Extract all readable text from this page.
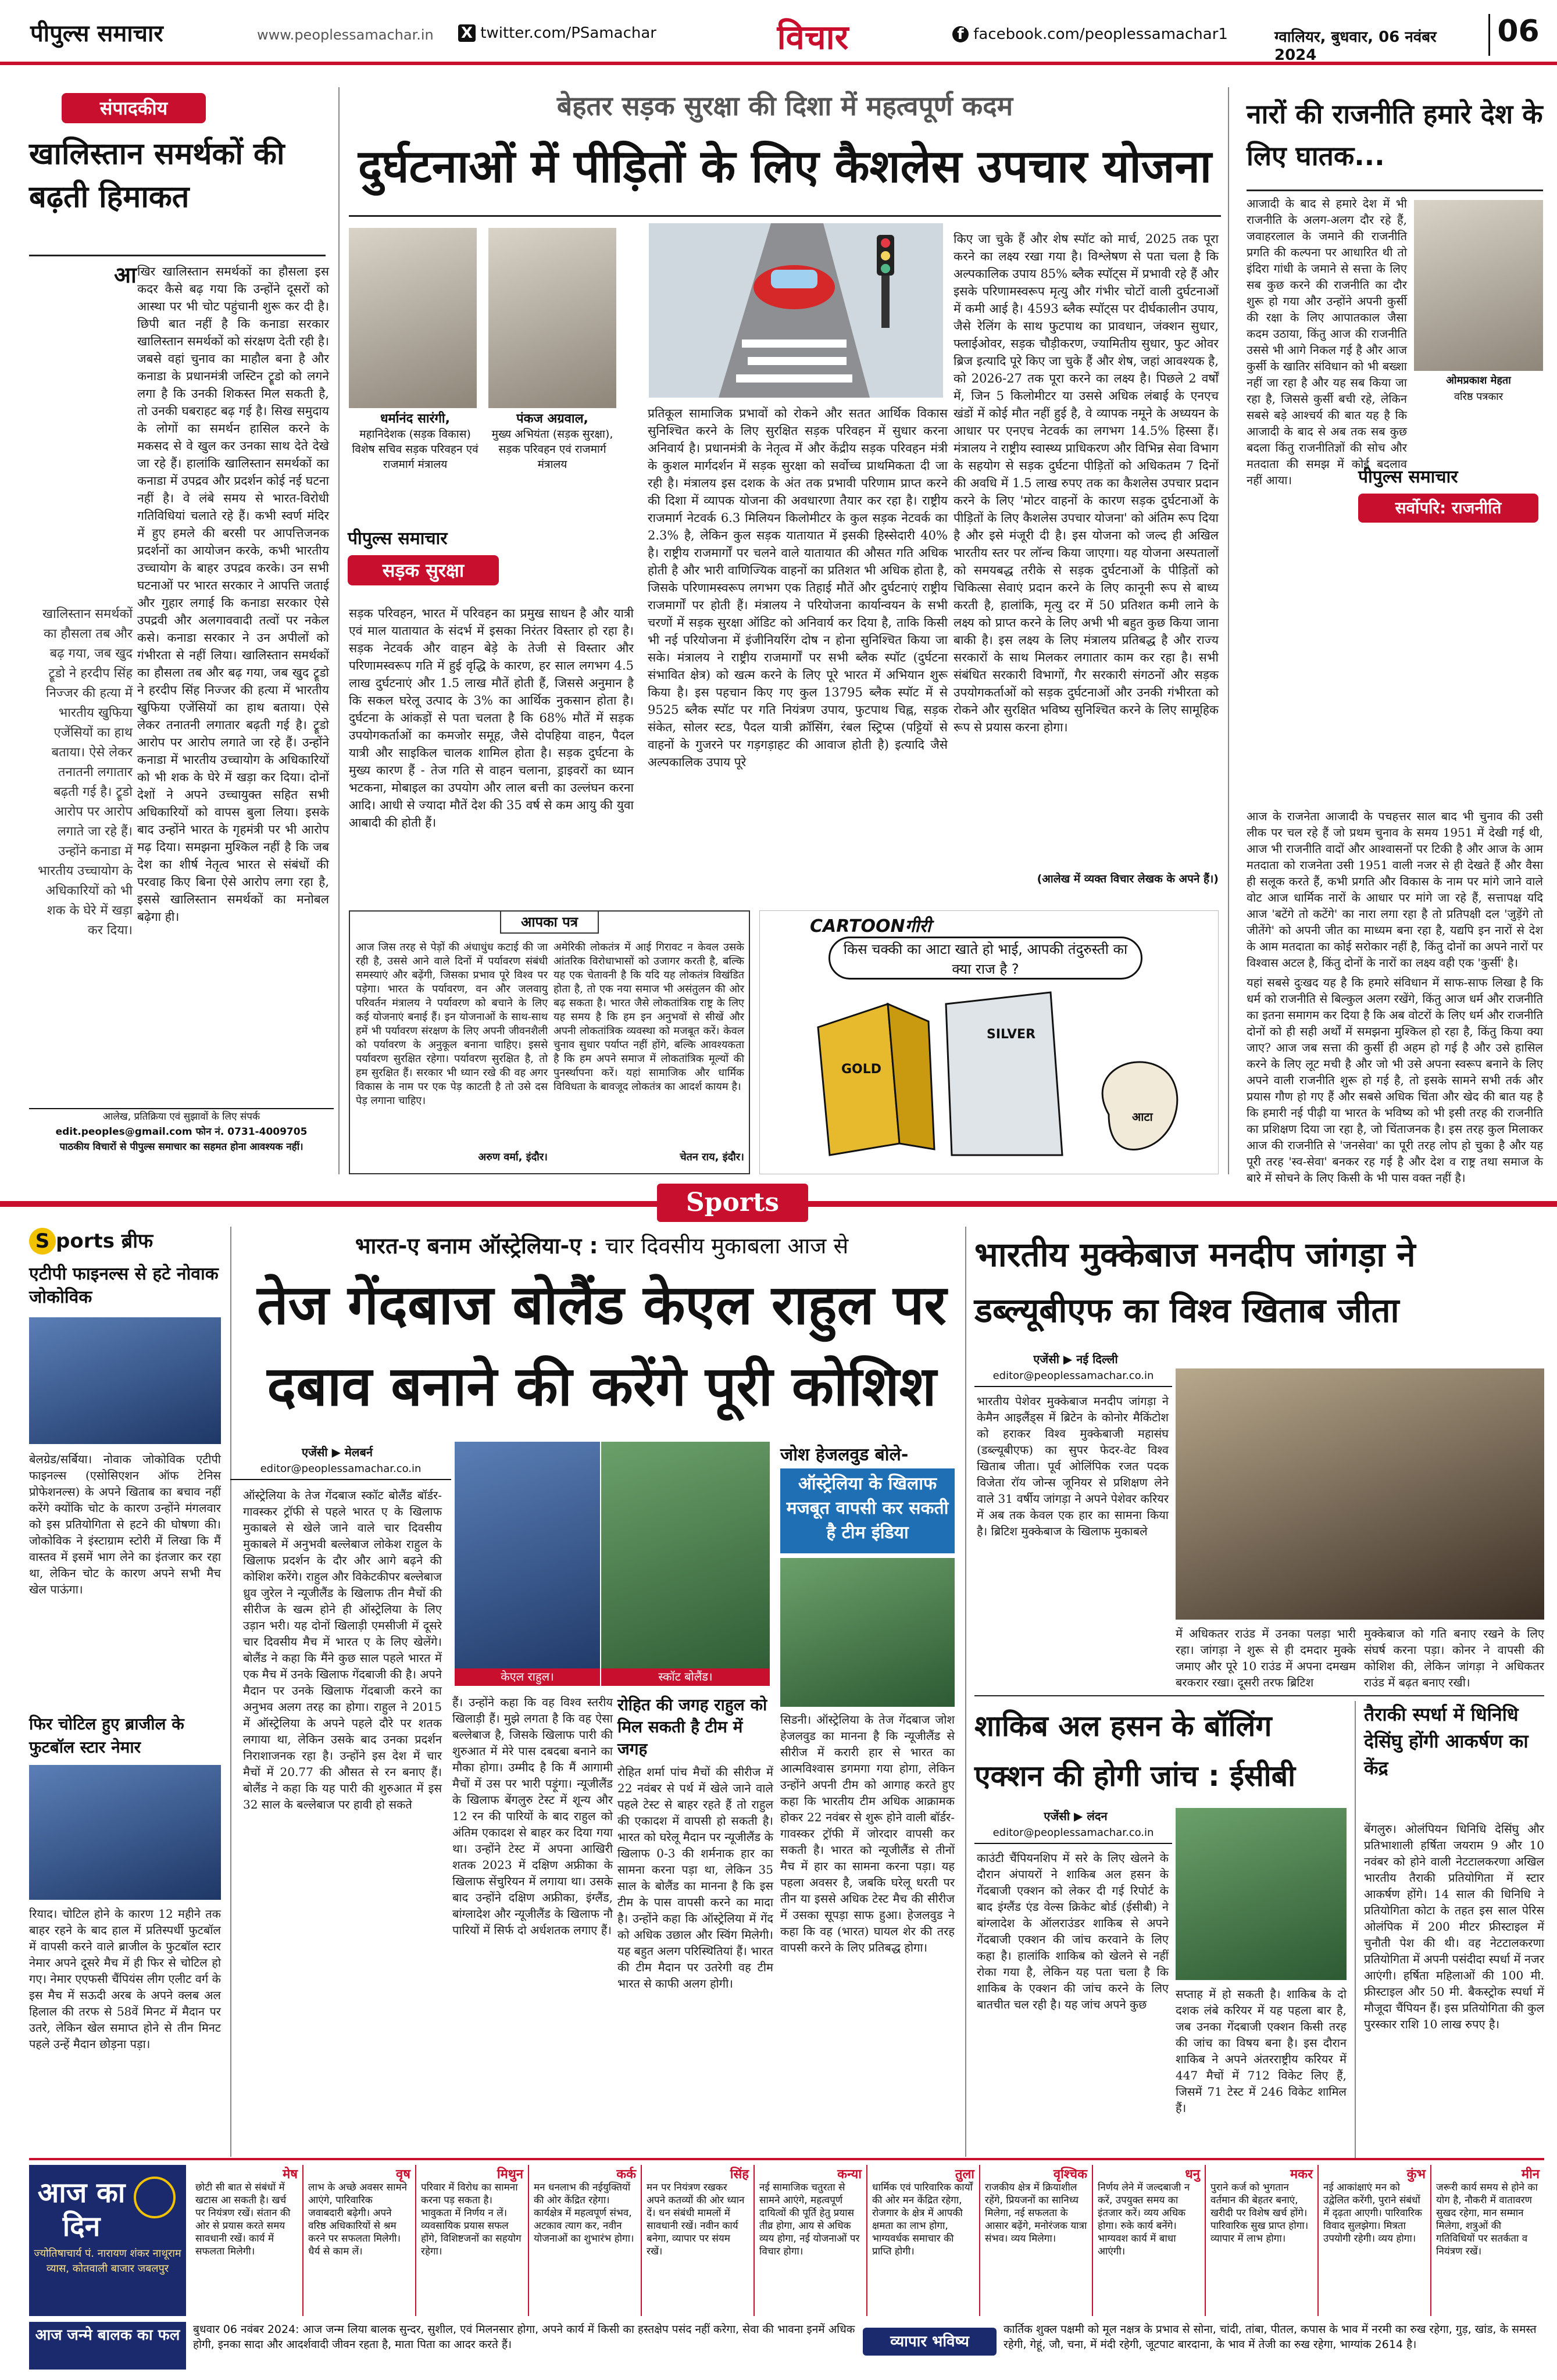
पीपुल्स समाचार	www.peoplessamachar.in X twitter.com/PSamachar	विचार	f facebook.com/peoplessamachar1	ग्वालियर, बुधवार, 06 नवंबर 2024
06
संपादकीय
खालिस्तान समर्थकों की बढ़ती हिमाकत
खालिस्तान समर्थकों का हौसला तब और बढ़ गया, जब खुद ट्रूडो ने हरदीप सिंह निज्जर की हत्या में भारतीय खुफिया एजेंसियों का हाथ बताया। ऐसे लेकर तनातनी लगातार बढ़ती गई है। ट्रूडो आरोप पर आरोप लगाते जा रहे हैं। उन्होंने कनाडा में भारतीय उच्चायोग के अधिकारियों को भी शक के घेरे में खड़ा कर दिया।
आ खिर खालिस्तान समर्थकों का हौसला इस कदर कैसे बढ़ गया कि उन्होंने दूसरों को आस्था पर भी चोट पहुंचानी शुरू कर दी है। छिपी बात नहीं है कि कनाडा सरकार खालिस्तान समर्थकों को संरक्षण देती रही है। जबसे वहां चुनाव का माहौल बना है और कनाडा के प्रधानमंत्री जस्टिन ट्रूडो को लगने लगा है कि उनकी शिकस्त मिल सकती है, तो उनकी घबराहट बढ़ गई है। सिख समुदाय के लोगों का समर्थन हासिल करने के मकसद से वे खुल कर उनका साथ देते देखे जा रहे हैं। हालांकि खालिस्तान समर्थकों का कनाडा में उपद्रव और प्रदर्शन कोई नई घटना नहीं है। वे लंबे समय से भारत-विरोधी गतिविधियां चलाते रहे हैं। कभी स्वर्ण मंदिर में हुए हमले की बरसी पर आपत्तिजनक प्रदर्शनों का आयोजन करके, कभी भारतीय उच्चायोग के बाहर उपद्रव करके। उन सभी घटनाओं पर भारत सरकार ने आपत्ति जताई और गुहार लगाई कि कनाडा सरकार ऐसे उपद्रवी और अलगाववादी तत्वों पर नकेल कसे। कनाडा सरकार ने उन अपीलों को गंभीरता से नहीं लिया। खालिस्तान समर्थकों का हौसला तब और बढ़ गया, जब खुद ट्रूडो ने हरदीप सिंह निज्जर की हत्या में भारतीय खुफिया एजेंसियों का हाथ बताया। ऐसे लेकर तनातनी लगातार बढ़ती गई है। ट्रूडो आरोप पर आरोप लगाते जा रहे हैं। उन्होंने कनाडा में भारतीय उच्चायोग के अधिकारियों को भी शक के घेरे में खड़ा कर दिया। दोनों देशों ने अपने उच्चायुक्त सहित सभी अधिकारियों को वापस बुला लिया। इसके बाद उन्होंने भारत के गृहमंत्री पर भी आरोप मढ़ दिया। समझना मुश्किल नहीं है कि जब देश का शीर्ष नेतृत्व भारत से संबंधों की परवाह किए बिना ऐसे आरोप लगा रहा है, इससे खालिस्तान समर्थकों का मनोबल बढ़ेगा ही।
आलेख, प्रतिक्रिया एवं सुझावों के लिए संपर्क
edit.peoples@gmail.com फोन नं. 0731-4009705
पाठकीय विचारों से पीपुल्स समाचार का सहमत होना आवश्यक नहीं।
बेहतर सड़क सुरक्षा की दिशा में महत्वपूर्ण कदम
दुर्घटनाओं में पीड़ितों के लिए कैशलेस उपचार योजना
धर्मानंद सारंगी,
महानिदेशक (सड़क विकास) विशेष सचिव सड़क परिवहन एवं राजमार्ग मंत्रालय
पंकज अग्रवाल,
मुख्य अभियंता (सड़क सुरक्षा), सड़क परिवहन एवं राजमार्ग मंत्रालय
पीपुल्स समाचार
सड़क सुरक्षा
सड़क परिवहन, भारत में परिवहन का प्रमुख साधन है और यात्री एवं माल यातायात के संदर्भ में इसका निरंतर विस्तार हो रहा है। सड़क नेटवर्क और वाहन बेड़े के तेजी से विस्तार और परिणामस्वरूप गति में हुई वृद्धि के कारण, हर साल लगभग 4.5 लाख दुर्घटनाएं और 1.5 लाख मौतें होती हैं, जिससे अनुमान है कि सकल घरेलू उत्पाद के 3% का आर्थिक नुकसान होता है। दुर्घटना के आंकड़ों से पता चलता है कि 68% मौतें में सड़क उपयोगकर्ताओं का कमजोर समूह, जैसे दोपहिया वाहन, पैदल यात्री और साइकिल चालक शामिल होता है। सड़क दुर्घटना के मुख्य कारण हैं - तेज गति से वाहन चलाना, ड्राइवरों का ध्यान भटकना, मोबाइल का उपयोग और लाल बत्ती का उल्लंघन करना आदि। आधी से ज्यादा मौतें देश की 35 वर्ष से कम आयु की युवा आबादी की होती हैं।
प्रतिकूल सामाजिक प्रभावों को रोकने और सतत आर्थिक विकास सुनिश्चित करने के लिए सुरक्षित सड़क परिवहन में सुधार करना अनिवार्य है। प्रधानमंत्री के नेतृत्व में और केंद्रीय सड़क परिवहन मंत्री के कुशल मार्गदर्शन में सड़क सुरक्षा को सर्वोच्च प्राथमिकता दी जा रही है। मंत्रालय इस दशक के अंत तक प्रभावी परिणाम प्राप्त करने की दिशा में व्यापक योजना की अवधारणा तैयार कर रहा है। राष्ट्रीय राजमार्ग नेटवर्क 6.3 मिलियन किलोमीटर के कुल सड़क नेटवर्क का 2.3% है, लेकिन कुल सड़क यातायात में इसकी हिस्सेदारी 40% है। राष्ट्रीय राजमार्गों पर चलने वाले यातायात की औसत गति अधिक होती है और भारी वाणिज्यिक वाहनों का प्रतिशत भी अधिक होता है, जिसके परिणामस्वरूप लगभग एक तिहाई मौतें और दुर्घटनाएं राष्ट्रीय राजमार्गों पर होती हैं। मंत्रालय ने परियोजना कार्यान्वयन के सभी चरणों में सड़क सुरक्षा ऑडिट को अनिवार्य कर दिया है, ताकि किसी भी नई परियोजना में इंजीनियरिंग दोष न होना सुनिश्चित किया जा सके। मंत्रालय ने राष्ट्रीय राजमार्गों पर सभी ब्लैक स्पॉट (दुर्घटना संभावित क्षेत्र) को खत्म करने के लिए पूरे भारत में अभियान शुरू किया है। इस पहचान किए गए कुल 13795 ब्लैक स्पॉट में से 9525 ब्लैक स्पॉट पर गति नियंत्रण उपाय, फुटपाथ चिह्न, सड़क संकेत, सोलर स्टड, पैदल यात्री क्रॉसिंग, रंबल स्ट्रिप्स (पट्टियों से वाहनों के गुजरने पर गड़गड़ाहट की आवाज होती है) इत्यादि जैसे अल्पकालिक उपाय पूरे
किए जा चुके हैं और शेष स्पॉट को मार्च, 2025 तक पूरा करने का लक्ष्य रखा गया है। विश्लेषण से पता चला है कि अल्पकालिक उपाय 85% ब्लैक स्पॉट्स में प्रभावी रहे हैं और इसके परिणामस्वरूप मृत्यु और गंभीर चोटों वाली दुर्घटनाओं में कमी आई है। 4593 ब्लैक स्पॉट्स पर दीर्घकालीन उपाय, जैसे रेलिंग के साथ फुटपाथ का प्रावधान, जंक्शन सुधार, फ्लाईओवर, सड़क चौड़ीकरण, ज्यामितीय सुधार, फुट ओवर ब्रिज इत्यादि पूरे किए जा चुके हैं और शेष, जहां आवश्यक है, को 2026-27 तक पूरा करने का लक्ष्य है। पिछले 2 वर्षों में, जिन 5 किलोमीटर या उससे अधिक लंबाई के एनएच खंडों में कोई मौत नहीं हुई है, वे व्यापक नमूने के अध्ययन के आधार पर एनएच नेटवर्क का लगभग 14.5% हिस्सा हैं। मंत्रालय ने राष्ट्रीय स्वास्थ्य प्राधिकरण और विभिन्न सेवा विभाग के सहयोग से सड़क दुर्घटना पीड़ितों को अधिकतम 7 दिनों की अवधि में 1.5 लाख रुपए तक का कैशलेस उपचार प्रदान करने के लिए 'मोटर वाहनों के कारण सड़क दुर्घटनाओं के पीड़ितों के लिए कैशलेस उपचार योजना' को अंतिम रूप दिया है और इसे मंजूरी दी है। इस योजना को जल्द ही अखिल भारतीय स्तर पर लॉन्च किया जाएगा। यह योजना अस्पतालों को समयबद्ध तरीके से सड़क दुर्घटनाओं के पीड़ितों को चिकित्सा सेवाएं प्रदान करने के लिए कानूनी रूप से बाध्य करती है, हालांकि, मृत्यु दर में 50 प्रतिशत कमी लाने के लक्ष्य को प्राप्त करने के लिए अभी भी बहुत कुछ किया जाना बाकी है। इस लक्ष्य के लिए मंत्रालय प्रतिबद्ध है और राज्य सरकारों के साथ मिलकर लगातार काम कर रहा है। सभी संबंधित सरकारी विभागों, गैर सरकारी संगठनों और सड़क उपयोगकर्ताओं को सड़क दुर्घटनाओं और उनकी गंभीरता को रोकने और सुरक्षित भविष्य सुनिश्चित करने के लिए सामूहिक रूप से प्रयास करना होगा।
(आलेख में व्यक्त विचार लेखक के अपने हैं।)
आपका पत्र
आज जिस तरह से पेड़ों की अंधाधुंध कटाई की जा रही है, उससे आने वाले दिनों में पर्यावरण संबंधी समस्याएं और बढ़ेंगी, जिसका प्रभाव पूरे विश्व पर पड़ेगा। भारत के पर्यावरण, वन और जलवायु परिवर्तन मंत्रालय ने पर्यावरण को बचाने के लिए कई योजनाएं बनाई हैं। इन योजनाओं के साथ-साथ हमें भी पर्यावरण संरक्षण के लिए अपनी जीवनशैली को पर्यावरण के अनुकूल बनाना चाहिए। इससे पर्यावरण सुरक्षित रहेगा। पर्यावरण सुरक्षित है, तो हम सुरक्षित हैं। सरकार भी ध्यान रखे की वह अगर विकास के नाम पर एक पेड़ काटती है तो उसे दस पेड़ लगाना चाहिए।
अरुण वर्मा, इंदौर।
अमेरिकी लोकतंत्र में आई गिरावट न केवल उसके आंतरिक विरोधाभासों को उजागर करती है, बल्कि यह एक चेतावनी है कि यदि यह लोकतंत्र विखंडित होता है, तो एक नया समाज भी असंतुलन की ओर बढ़ सकता है। भारत जैसे लोकतांत्रिक राष्ट्र के लिए यह समय है कि हम इन अनुभवों से सीखें और अपनी लोकतांत्रिक व्यवस्था को मजबूत करें। केवल चुनाव सुधार पर्याप्त नहीं होंगे, बल्कि आवश्यकता है कि हम अपने समाज में लोकतांत्रिक मूल्यों की पुनर्स्थापना करें। यहां सामाजिक और धार्मिक विविधता के बावजूद लोकतंत्र का आदर्श कायम है।
चेतन राय, इंदौर।
CARTOONगीरी
किस चक्की का आटा खाते हो भाई, आपकी तंदुरुस्ती का क्या राज है ?
GOLD
SILVER
आटा
नारों की राजनीति हमारे देश के लिए घातक...
आजादी के बाद से हमारे देश में भी राजनीति के अलग-अलग दौर रहे हैं, जवाहरलाल के जमाने की राजनीति प्रगति की कल्पना पर आधारित थी तो इंदिरा गांधी के जमाने से सत्ता के लिए सब कुछ करने की राजनीति का दौर शुरू हो गया और उन्होंने अपनी कुर्सी की रक्षा के लिए आपातकाल जैसा कदम उठाया, किंतु आज की राजनीति उससे भी आगे निकल गई है और आज कुर्सी के खातिर संविधान को भी बख्शा नहीं जा रहा है और यह सब किया जा रहा है, जिससे कुर्सी बची रहे, लेकिन सबसे बड़े आश्चर्य की बात यह है कि आजादी के बाद से अब तक सब कुछ बदला किंतु राजनीतिज्ञों की सोच और मतदाता की समझ में कोई बदलाव नहीं आया।
ओमप्रकाश मेहता
वरिष्ठ पत्रकार
पीपुल्स समाचार
सर्वोपरि: राजनीति
आज के राजनेता आजादी के पचहत्तर साल बाद भी चुनाव की उसी लीक पर चल रहे हैं जो प्रथम चुनाव के समय 1951 में देखी गई थी, आज भी राजनीति वादों और आश्वासनों पर टिकी है और आज के आम मतदाता को राजनेता उसी 1951 वाली नजर से ही देखते हैं और वैसा ही सलूक करते हैं, कभी प्रगति और विकास के नाम पर मांगे जाने वाले वोट आज धार्मिक नारों के आधार पर मांगे जा रहे हैं, सत्तापक्ष यदि आज 'बटेंगे तो कटेंगे' का नारा लगा रहा है तो प्रतिपक्षी दल 'जुड़ेंगे तो जीतेंगे' को अपनी जीत का माध्यम बना रहा है, यद्यपि इन नारों से देश के आम मतदाता का कोई सरोकार नहीं है, किंतु दोनों का अपने नारों पर विश्वास अटल है, किंतु दोनों के नारों का लक्ष्य वही एक 'कुर्सी' है।
यहां सबसे दुःखद यह है कि हमारे संविधान में साफ-साफ लिखा है कि धर्म को राजनीति से बिल्कुल अलग रखेंगे, किंतु आज धर्म और राजनीति का इतना समागम कर दिया है कि अब वोटरों के लिए धर्म और राजनीति दोनों को ही सही अर्थों में समझना मुश्किल हो रहा है, किंतु किया क्या जाए? आज जब सत्ता की कुर्सी ही अहम हो गई है और उसे हासिल करने के लिए लूट मची है और जो भी उसे अपना स्वरूप बनाने के लिए अपने वाली राजनीति शुरू हो गई है, तो इसके सामने सभी तर्क और प्रयास गौण हो गए हैं और सबसे अधिक चिंता और खेद की बात यह है कि हमारी नई पीढ़ी या भारत के भविष्य को भी इसी तरह की राजनीति का प्रशिक्षण दिया जा रहा है, जो चिंताजनक है। इस तरह कुल मिलाकर आज की राजनीति से 'जनसेवा' का पूरी तरह लोप हो चुका है और यह पूरी तरह 'स्व-सेवा' बनकर रह गई है और देश व राष्ट्र तथा समाज के बारे में सोचने के लिए किसी के भी पास वक्त नहीं है।
Sports
S ports ब्रीफ
एटीपी फाइनल्स से हटे नोवाक जोकोविक
बेलग्रेड/सर्बिया। नोवाक जोकोविक एटीपी फाइनल्स (एसोसिएशन ऑफ टेनिस प्रोफेशनल्स) के अपने खिताब का बचाव नहीं करेंगे क्योंकि चोट के कारण उन्होंने मंगलवार को इस प्रतियोगिता से हटने की घोषणा की। जोकोविक ने इंस्टाग्राम स्टोरी में लिखा कि मैं वास्तव में इसमें भाग लेने का इंतजार कर रहा था, लेकिन चोट के कारण अपने सभी मैच खेल पाऊंगा।
फिर चोटिल हुए ब्राजील के फुटबॉल स्टार नेमार
रियाद। चोटिल होने के कारण 12 महीने तक बाहर रहने के बाद हाल में प्रतिस्पर्धी फुटबॉल में वापसी करने वाले ब्राजील के फुटबॉल स्टार नेमार अपने दूसरे मैच में ही फिर से चोटिल हो गए। नेमार एएफसी चैंपियंस लीग एलीट वर्ग के इस मैच में सऊदी अरब के अपने क्लब अल हिलाल की तरफ से 58वें मिनट में मैदान पर उतरे, लेकिन खेल समाप्त होने से तीन मिनट पहले उन्हें मैदान छोड़ना पड़ा।
भारत-ए बनाम ऑस्ट्रेलिया-ए : चार दिवसीय मुकाबला आज से
तेज गेंदबाज बोलैंड केएल राहुल पर दबाव बनाने की करेंगे पूरी कोशिश
एजेंसी ▶ मेलबर्न
editor@peoplessamachar.co.in
ऑस्ट्रेलिया के तेज गेंदबाज स्कॉट बोलैंड बॉर्डर-गावस्कर ट्रॉफी से पहले भारत ए के खिलाफ मुकाबले से खेले जाने वाले चार दिवसीय मुकाबले में अनुभवी बल्लेबाज लोकेश राहुल के खिलाफ प्रदर्शन के दौर और आगे बढ़ने की कोशिश करेंगे। राहुल और विकेटकीपर बल्लेबाज ध्रुव जुरेल ने न्यूजीलैंड के खिलाफ तीन मैचों की सीरीज के खत्म होने ही ऑस्ट्रेलिया के लिए उड़ान भरी। यह दोनों खिलाड़ी एमसीजी में दूसरे चार दिवसीय मैच में भारत ए के लिए खेलेंगे। बोलैंड ने कहा कि मैंने कुछ साल पहले भारत में एक मैच में उनके खिलाफ गेंदबाजी की है। अपने मैदान पर उनके खिलाफ गेंदबाजी करने का अनुभव अलग तरह का होगा। राहुल ने 2015 में ऑस्ट्रेलिया के अपने पहले दौरे पर शतक लगाया था, लेकिन उसके बाद उनका प्रदर्शन निराशाजनक रहा है। उन्होंने इस देश में चार मैचों में 20.77 की औसत से रन बनाए हैं। बोलैंड ने कहा कि यह पारी की शुरुआत में इस 32 साल के बल्लेबाज पर हावी हो सकते
केएल राहुल।	स्कॉट बोलैंड।
हैं। उन्होंने कहा कि वह विश्व स्तरीय खिलाड़ी हैं। मुझे लगता है कि वह ऐसा बल्लेबाज है, जिसके खिलाफ पारी की शुरुआत में मेरे पास दबदबा बनाने का मौका होगा। उम्मीद है कि मैं आगामी मैचों में उस पर भारी पड़ूंगा। न्यूजीलैंड के खिलाफ बेंगलुरु टेस्ट में शून्य और 12 रन की पारियों के बाद राहुल को अंतिम एकादश से बाहर कर दिया गया था। उन्होंने टेस्ट में अपना आखिरी शतक 2023 में दक्षिण अफ्रीका के खिलाफ सेंचुरियन में लगाया था। उसके बाद उन्होंने दक्षिण अफ्रीका, इंग्लैंड, बांग्लादेश और न्यूजीलैंड के खिलाफ नौ पारियों में सिर्फ दो अर्धशतक लगाए हैं।
रोहित की जगह राहुल को मिल सकती है टीम में जगह
रोहित शर्मा पांच मैचों की सीरीज में 22 नवंबर से पर्थ में खेले जाने वाले पहले टेस्ट से बाहर रहते हैं तो राहुल की एकादश में वापसी हो सकती है। भारत को घरेलू मैदान पर न्यूजीलैंड के खिलाफ 0-3 की शर्मनाक हार का सामना करना पड़ा था, लेकिन 35 साल के बोलैंड का मानना है कि इस टीम के पास वापसी करने का मादा है। उन्होंने कहा कि ऑस्ट्रेलिया में गेंद को अधिक उछाल और स्विंग मिलेगी। यह बहुत अलग परिस्थितियां हैं। भारत की टीम मैदान पर उतरेगी वह टीम भारत से काफी अलग होगी।
जोश हेजलवुड बोले-
ऑस्ट्रेलिया के खिलाफ मजबूत वापसी कर सकती है टीम इंडिया
सिडनी। ऑस्ट्रेलिया के तेज गेंदबाज जोश हेजलवुड का मानना है कि न्यूजीलैंड से सीरीज में करारी हार से भारत का आत्मविश्वास डगमगा गया होगा, लेकिन उन्होंने अपनी टीम को आगाह करते हुए कहा कि भारतीय टीम अधिक आक्रामक होकर 22 नवंबर से शुरू होने वाली बॉर्डर-गावस्कर ट्रॉफी में जोरदार वापसी कर सकती है। भारत को न्यूजीलैंड से तीनों मैच में हार का सामना करना पड़ा। यह पहला अवसर है, जबकि घरेलू धरती पर तीन या इससे अधिक टेस्ट मैच की सीरीज में उसका सूपड़ा साफ हुआ। हेजलवुड ने कहा कि वह (भारत) घायल शेर की तरह वापसी करने के लिए प्रतिबद्ध होगा।
भारतीय मुक्केबाज मनदीप जांगड़ा ने डब्ल्यूबीएफ का विश्व खिताब जीता
एजेंसी ▶ नई दिल्ली
editor@peoplessamachar.co.in
भारतीय पेशेवर मुक्केबाज मनदीप जांगड़ा ने केमैन आइलैंड्स में ब्रिटेन के कोनोर मैकिंटोश को हराकर विश्व मुक्केबाजी महासंघ (डब्ल्यूबीएफ) का सुपर फेदर-वेट विश्व खिताब जीता। पूर्व ओलिंपिक रजत पदक विजेता रॉय जोन्स जूनियर से प्रशिक्षण लेने वाले 31 वर्षीय जांगड़ा ने अपने पेशेवर करियर में अब तक केवल एक हार का सामना किया है। ब्रिटिश मुक्केबाज के खिलाफ मुकाबले
में अधिकतर राउंड में उनका पलड़ा भारी रहा। जांगड़ा ने शुरू से ही दमदार मुक्के जमाए और पूरे 10 राउंड में अपना दमखम बरकरार रखा। दूसरी तरफ ब्रिटिश
मुक्केबाज को गति बनाए रखने के लिए संघर्ष करना पड़ा। कोनर ने वापसी की कोशिश की, लेकिन जांगड़ा ने अधिकतर राउंड में बढ़त बनाए रखी।
शाकिब अल हसन के बॉलिंग एक्शन की होगी जांच : ईसीबी
एजेंसी ▶ लंदन
editor@peoplessamachar.co.in
काउंटी चैंपियनशिप में सरे के लिए खेलने के दौरान अंपायरों ने शाकिब अल हसन के गेंदबाजी एक्शन को लेकर दी गई रिपोर्ट के बाद इंग्लैंड एंड वेल्स क्रिकेट बोर्ड (ईसीबी) ने बांग्लादेश के ऑलराउंडर शाकिब से अपने गेंदबाजी एक्शन की जांच करवाने के लिए कहा है। हालांकि शाकिब को खेलने से नहीं रोका गया है, लेकिन यह पता चला है कि शाकिब के एक्शन की जांच करने के लिए बातचीत चल रही है। यह जांच अपने कुछ
सप्ताह में हो सकती है। शाकिब के दो दशक लंबे करियर में यह पहला बार है, जब उनका गेंदबाजी एक्शन किसी तरह की जांच का विषय बना है। इस दौरान शाकिब ने अपने अंतरराष्ट्रीय करियर में 447 मैचों में 712 विकेट लिए हैं, जिसमें 71 टेस्ट में 246 विकेट शामिल हैं।
तैराकी स्पर्धा में धिनिधि देसिंघु होंगी आकर्षण का केंद्र
बेंगलुरु। ओलंपियन धिनिधि देसिंघु और प्रतिभाशाली हर्षिता जयराम 9 और 10 नवंबर को होने वाली नेटटालकरणा अखिल भारतीय तैराकी प्रतियोगिता में स्टार आकर्षण होंगे। 14 साल की धिनिधि ने प्रतियोगिता कोटा के तहत इस साल पेरिस ओलंपिक में 200 मीटर फ्रीस्टाइल में चुनौती पेश की थी। वह नेटटालकरणा प्रतियोगिता में अपनी पसंदीदा स्पर्धा में नजर आएंगी। हर्षिता महिलाओं की 100 मी. फ्रीस्टाइल और 50 मी. बैकस्ट्रोक स्पर्धा में मौजूदा चैंपियन हैं। इस प्रतियोगिता की कुल पुरस्कार राशि 10 लाख रुपए है।
आज का
दिन
ज्योतिषाचार्य पं. नारायण शंकर नाथूराम व्यास, कोतवाली बाजार जबलपुर
मेष
छोटी सी बात से संबंधों में खटास आ सकती है। खर्च पर नियंत्रण रखें। संतान की ओर से प्रयास करते समय सावधानी रखें। कार्य में सफलता मिलेगी।
वृष
लाभ के अच्छे अवसर सामने आएंगे, पारिवारिक जवाबदारी बढ़ेगी। अपने वरिष्ठ अधिकारियों से श्रम करने पर सफलता मिलेगी। धैर्य से काम लें।
मिथुन
परिवार में विरोध का सामना करना पड़ सकता है। भावुकता में निर्णय न लें। व्यवसायिक प्रयास सफल होंगे, विशिष्टजनों का सहयोग रहेगा।
कर्क
मन धनलाभ की नईयुक्तियों की ओर केंद्रित रहेगा। कार्यक्षेत्र में महत्वपूर्ण संभव, अटकाव त्याग कर, नवीन योजनाओं का शुभारंभ होगा।
सिंह
मन पर नियंत्रण रखकर अपने कतव्यों की ओर ध्यान दें। धन संबंधी मामलों में सावधानी रखें। नवीन कार्य बनेगा, व्यापार पर संयम रखें।
कन्या
नई सामाजिक चतुरता से सामने आएंगे, महत्वपूर्ण दायित्वों की पूर्ति हेतु प्रयास तीव्र होगा, आय से अधिक व्यय होगा, नई योजनाओं पर विचार होगा।
तुला
धार्मिक एवं पारिवारिक कार्यों की ओर मन केंद्रित रहेगा, रोजगार के क्षेत्र में आपकी क्षमता का लाभ होगा, भाग्यवर्धक समाचार की प्राप्ति होगी।
वृश्चिक
राजकीय क्षेत्र में क्रियाशील रहेंगे, प्रियजनों का सानिध्य मिलेगा, नई सफलता के आसार बढ़ेंगे, मनोरंजक यात्रा संभव। व्यय मिलेगा।
धनु
निर्णय लेने में जल्दबाजी न करें, उपयुक्त समय का इंतजार करें। व्यय अधिक होगा। रुके कार्य बनेंगे। भाग्यवश कार्य में बाधा आएंगी।
मकर
पुराने कर्ज को भुगतान वर्तमान की बेहतर बनाएं, खरीदी पर विशेष खर्च होंगे। पारिवारिक सुख प्राप्त होगा। व्यापार में लाभ होगा।
कुंभ
नई आकांक्षाएं मन को उद्वेलित करेंगी, पुराने संबंधों में दृढ़ता आएगी। पारिवारिक विवाद सुलझेगा। मित्रता उपयोगी रहेगी। व्यय होगा।
मीन
जरूरी कार्य समय से होने का योग है, नौकरी में वातावरण सुखद रहेगा, मान सम्मान मिलेगा, शत्रुओं की गतिविधियों पर सतर्कता व नियंत्रण रखें।
आज जन्मे बालक का फल	बुधवार 06 नवंबर 2024: आज जन्म लिया बालक सुन्दर, सुशील, एवं मिलनसार होगा, अपने कार्य में किसी का हस्तक्षेप पसंद नहीं करेगा, सेवा की भावना इनमें अधिक होगी, इनका सादा और आदर्शवादी जीवन रहता है, माता पिता का आदर करते हैं।	व्यापार भविष्य
कार्तिक शुक्ल पक्षमी को मूल नक्षत्र के प्रभाव से सोना, चांदी, तांबा, पीतल, कपास के भाव में नरमी का रुख रहेगा, गुड़, खांड, के समस्त रहेगी, गेहूं, जौ, चना, में मंदी रहेगी, जूटपाट बारदाना, के भाव में तेजी का रुख रहेगा, भाग्यांक 2614 है।
